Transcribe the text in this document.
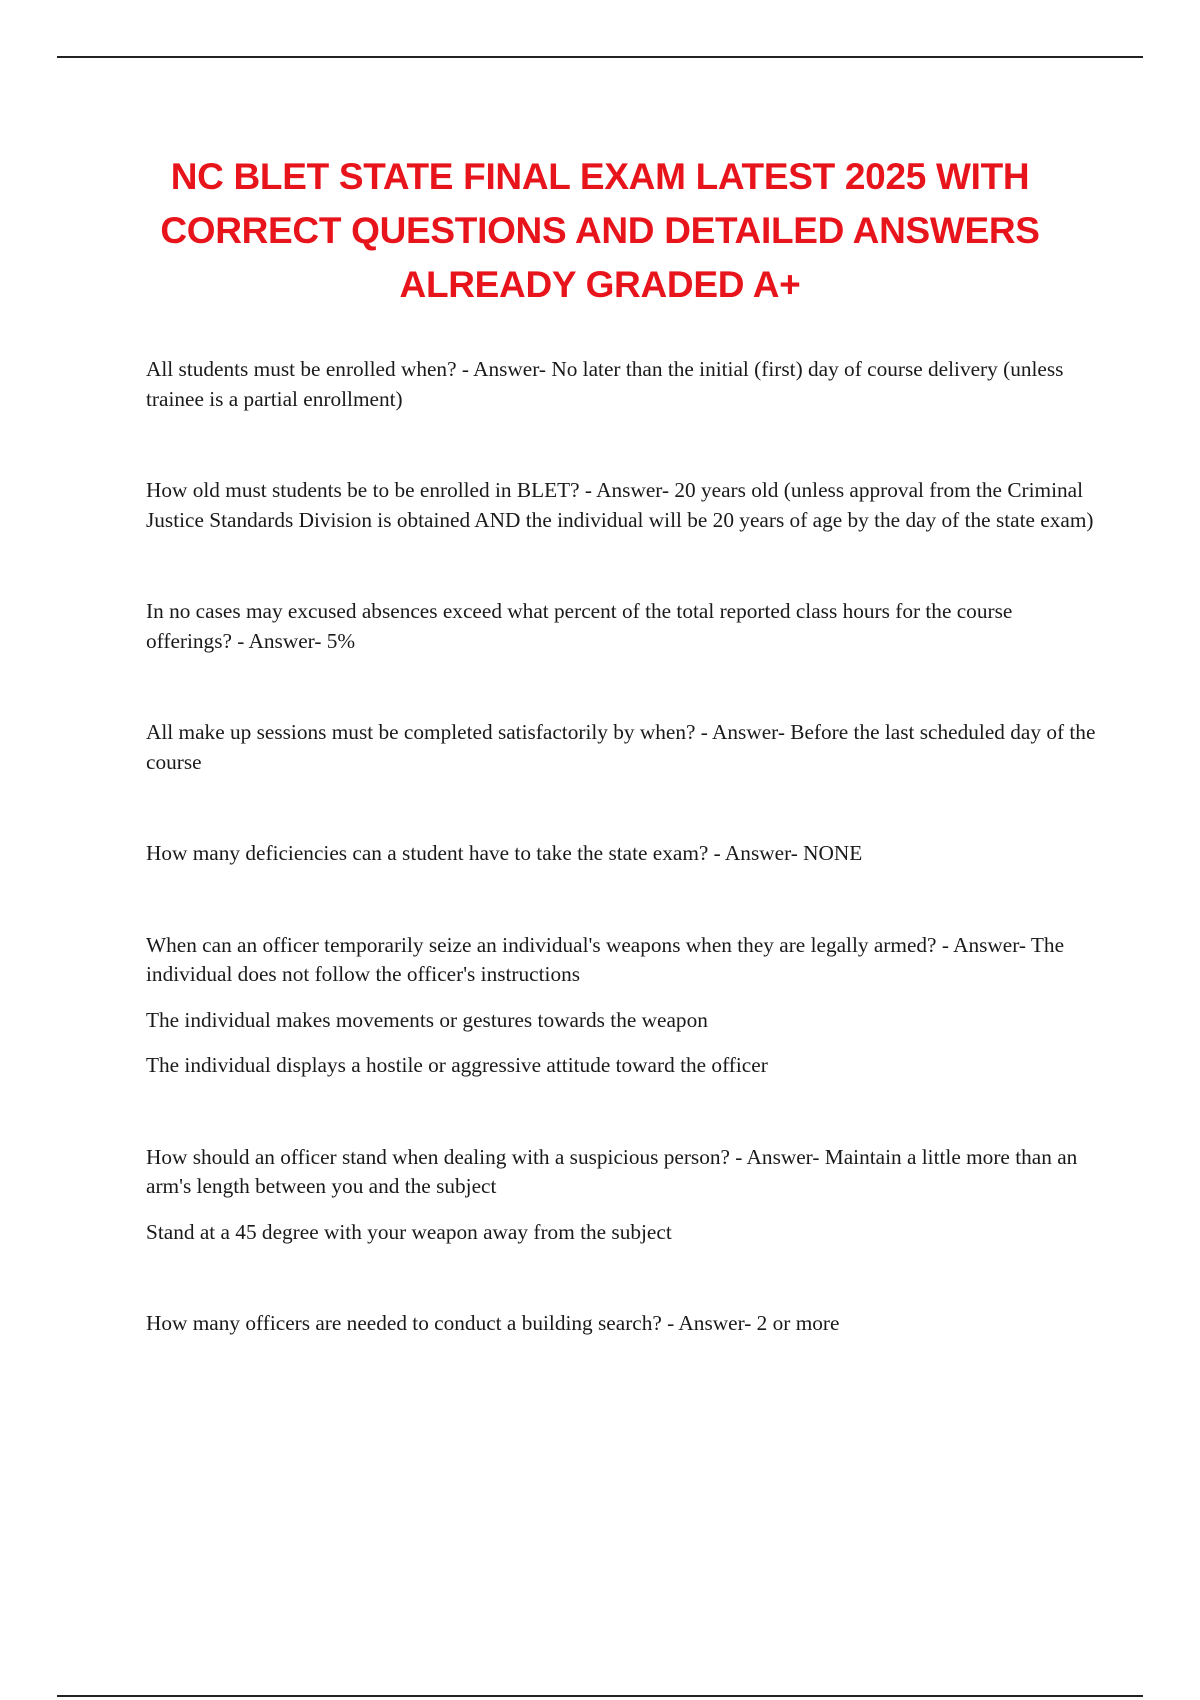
NC BLET STATE FINAL EXAM LATEST 2025 WITH
CORRECT QUESTIONS AND DETAILED ANSWERS
ALREADY GRADED A+

All students must be enrolled when? - Answer- No later than the initial (first) day of course delivery (unless trainee is a partial enrollment)

How old must students be to be enrolled in BLET? - Answer- 20 years old (unless approval from the Criminal Justice Standards Division is obtained AND the individual will be 20 years of age by the day of the state exam)

In no cases may excused absences exceed what percent of the total reported class hours for the course offerings? - Answer- 5%

All make up sessions must be completed satisfactorily by when? - Answer- Before the last scheduled day of the course

How many deficiencies can a student have to take the state exam? - Answer- NONE

When can an officer temporarily seize an individual's weapons when they are legally armed? - Answer- The individual does not follow the officer's instructions

The individual makes movements or gestures towards the weapon

The individual displays a hostile or aggressive attitude toward the officer

How should an officer stand when dealing with a suspicious person? - Answer- Maintain a little more than an arm's length between you and the subject

Stand at a 45 degree with your weapon away from the subject

How many officers are needed to conduct a building search? - Answer- 2 or more
